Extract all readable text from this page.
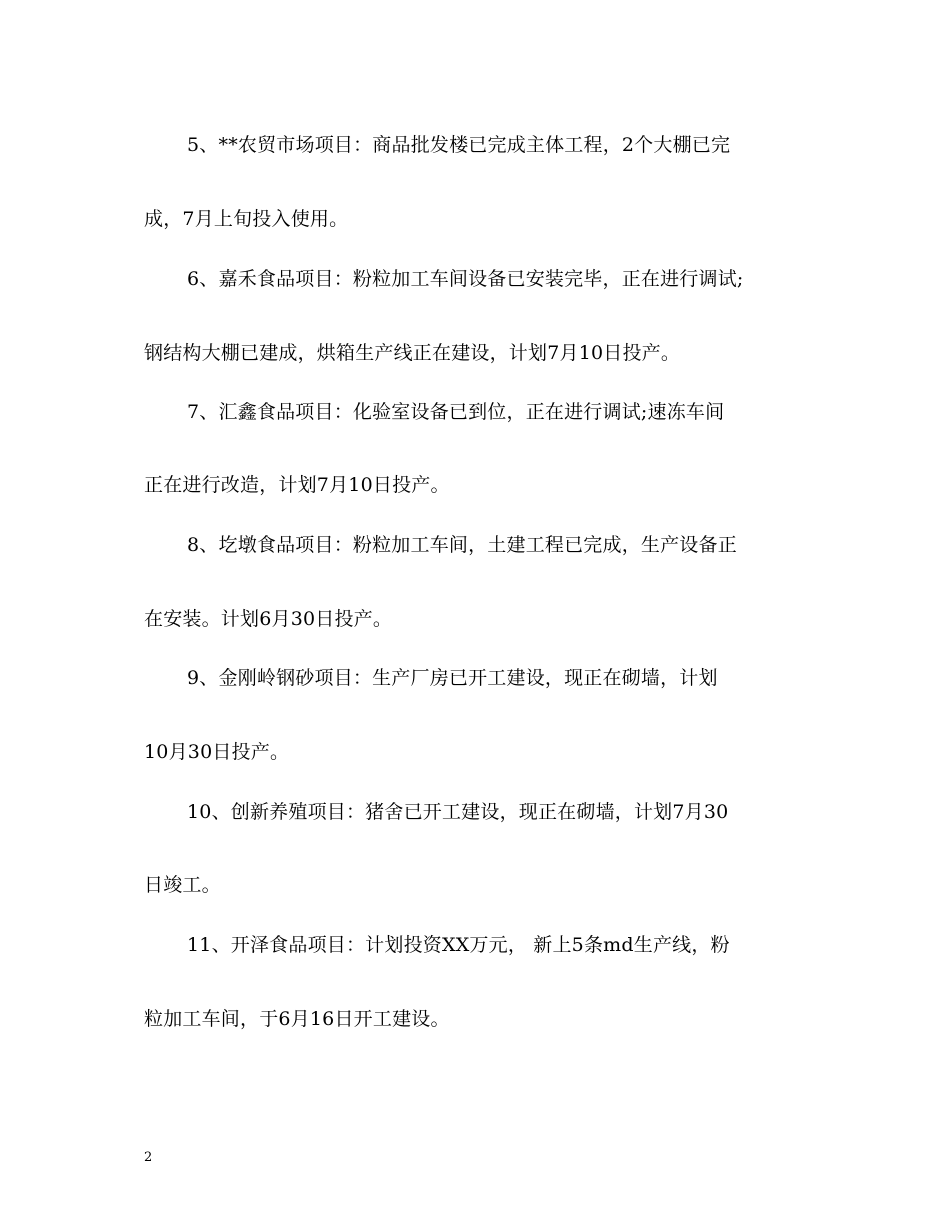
5、**农贸市场项目：商品批发楼已完成主体工程，2个大棚已完
成，7月上旬投入使用。
6、嘉禾食品项目：粉粒加工车间设备已安装完毕，正在进行调试;
钢结构大棚已建成，烘箱生产线正在建设，计划7月10日投产。
7、汇鑫食品项目：化验室设备已到位，正在进行调试;速冻车间
正在进行改造，计划7月10日投产。
8、圪墩食品项目：粉粒加工车间，土建工程已完成，生产设备正
在安装。计划6月30日投产。
9、金刚岭钢砂项目：生产厂房已开工建设，现正在砌墙，计划
10月30日投产。
10、创新养殖项目：猪舍已开工建设，现正在砌墙，计划7月30
日竣工。
11、开泽食品项目：计划投资XX万元， 新上5条md生产线，粉
粒加工车间，于6月16日开工建设。
2
